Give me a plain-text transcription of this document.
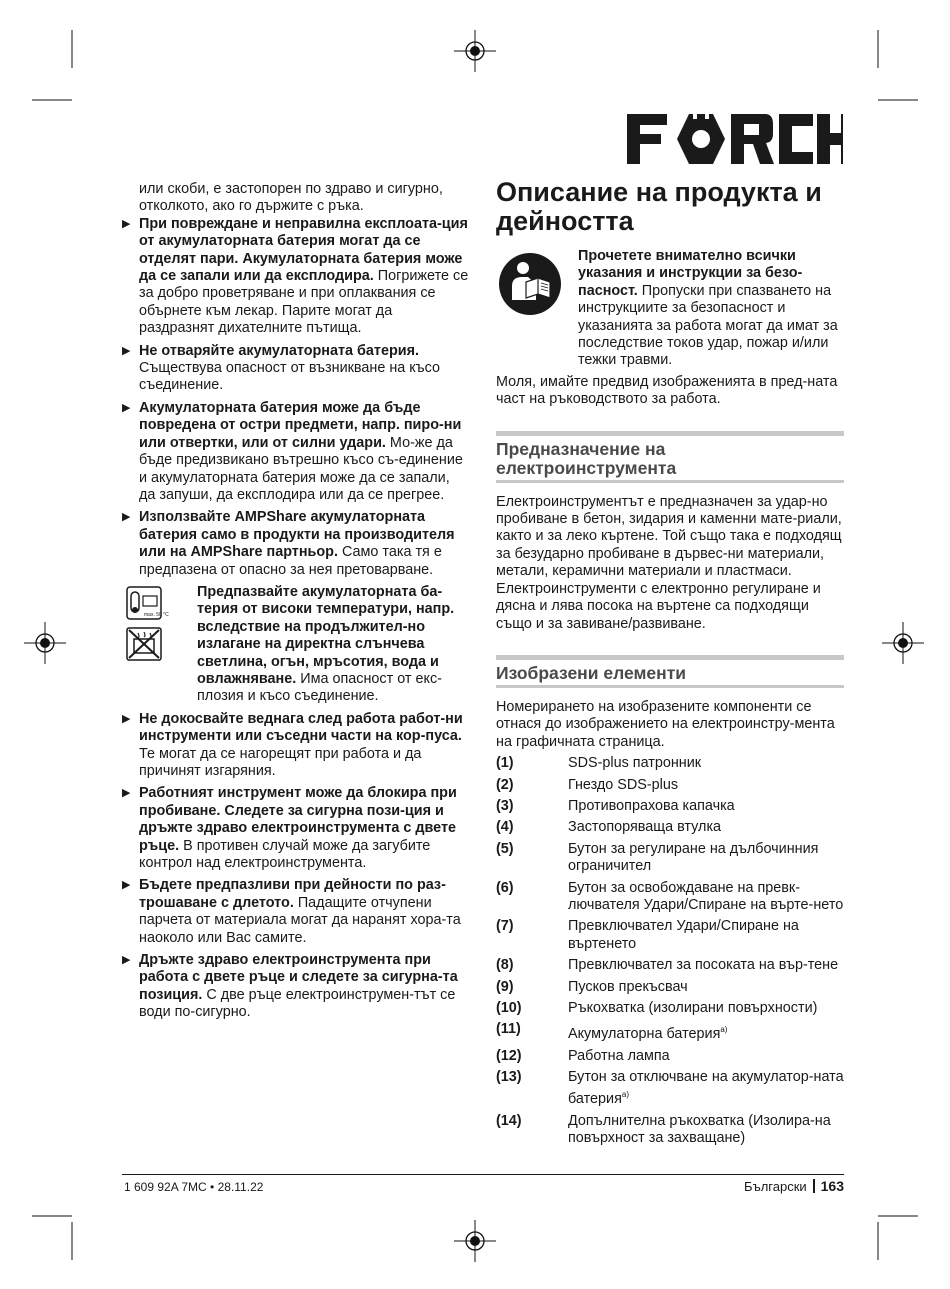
или скоби, е застопорен по здраво и сигурно, отколкото, ако го държите с ръка.

▶ При повреждане и неправилна експлоата-ция от акумулаторната батерия могат да се отделят пари. Акумулаторната батерия може да се запали или да експлодира. Погрижете се за добро проветряване и при оплаквания се обърнете към лекар. Парите могат да раздразнят дихателните пътища.
▶ Не отваряйте акумулаторната батерия. Съществува опасност от възникване на късо съединение.
▶ Акумулаторната батерия може да бъде повредена от остри предмети, напр. пиро-ни или отвертки, или от силни удари. Мо-же да бъде предизвикано вътрешно късо съ-единение и акумулаторната батерия може да се запали, да запуши, да експлодира или да се прегрее.
▶ Използвайте AMPShare акумулаторната батерия само в продукти на производителя или на AMPShare партньор. Само така тя е предпазена от опасно за нея претоварване.
max. 50 °C

Предпазвайте акумулаторната ба-терия от високи температури, напр. вследствие на продължител-но излагане на директна слънчева светлина, огън, мръсотия, вода и овлажняване. Има опасност от екс-плозия и късо съединение.
▶ Не докосвайте веднага след работа работ-ни инструменти или съседни части на кор-пуса. Те могат да се нагорещят при работа и да причинят изгаряния.
▶ Работният инструмент може да блокира при пробиване. Следете за сигурна пози-ция и дръжте здраво електроинструмента с двете ръце. В противен случай може да загубите контрол над електроинструмента.
▶ Бъдете предпазливи при дейности по раз-трошаване с длетото. Падащите отчупени парчета от материала могат да наранят хора-та наоколо или Вас самите.
▶ Дръжте здраво електроинструмента при работа с двете ръце и следете за сигурна-та позиция. С две ръце електроинструмен-тът се води по-сигурно.
Описание на продукта и дейността
Прочетете внимателно всички указания и инструкции за безо-пасност. Пропуски при спазването на инструкциите за безопасност и указанията за работа могат да имат за последствие токов удар, пожар и/или тежки травми.

Моля, имайте предвид изображенията в пред-ната част на ръководството за работа.

Предназначение на електроинструмента

Електроинструментът е предназначен за удар-но пробиване в бетон, зидария и каменни мате-риали, както и за леко къртене. Той също така е подходящ за безударно пробиване в дървес-ни материали, метали, керамични материали и пластмаси. Електроинструменти с електронно регулиране и дясна и лява посока на въртене са подходящи също и за завиване/развиване.

Изобразени елементи

Номерирането на изобразените компоненти се отнася до изображението на електроинстру-мента на графичната страница.

(1)	SDS-plus патронник
(2)	Гнездо SDS-plus
(3)	Противопрахова капачка
(4)	Застопоряваща втулка
(5)	Бутон за регулиране на дълбочинния ограничител
(6)	Бутон за освобождаване на превк-лючвателя Удари/Спиране на върте-нето
(7)	Превключвател Удари/Спиране на въртенето
(8)	Превключвател за посоката на вър-тене
(9)	Пусков прекъсвач
(10)	Ръкохватка (изолирани повърхности)
(11)	Акумулаторна батерия$^{a)}$
(12)	Работна лампа
(13)	Бутон за отключване на акумулатор-ната батерия$^{a)}$
(14)	Допълнителна ръкохватка (Изолира-на повърхност за захващане)
1 609 92A 7MC • 28.11.22	Български 163
